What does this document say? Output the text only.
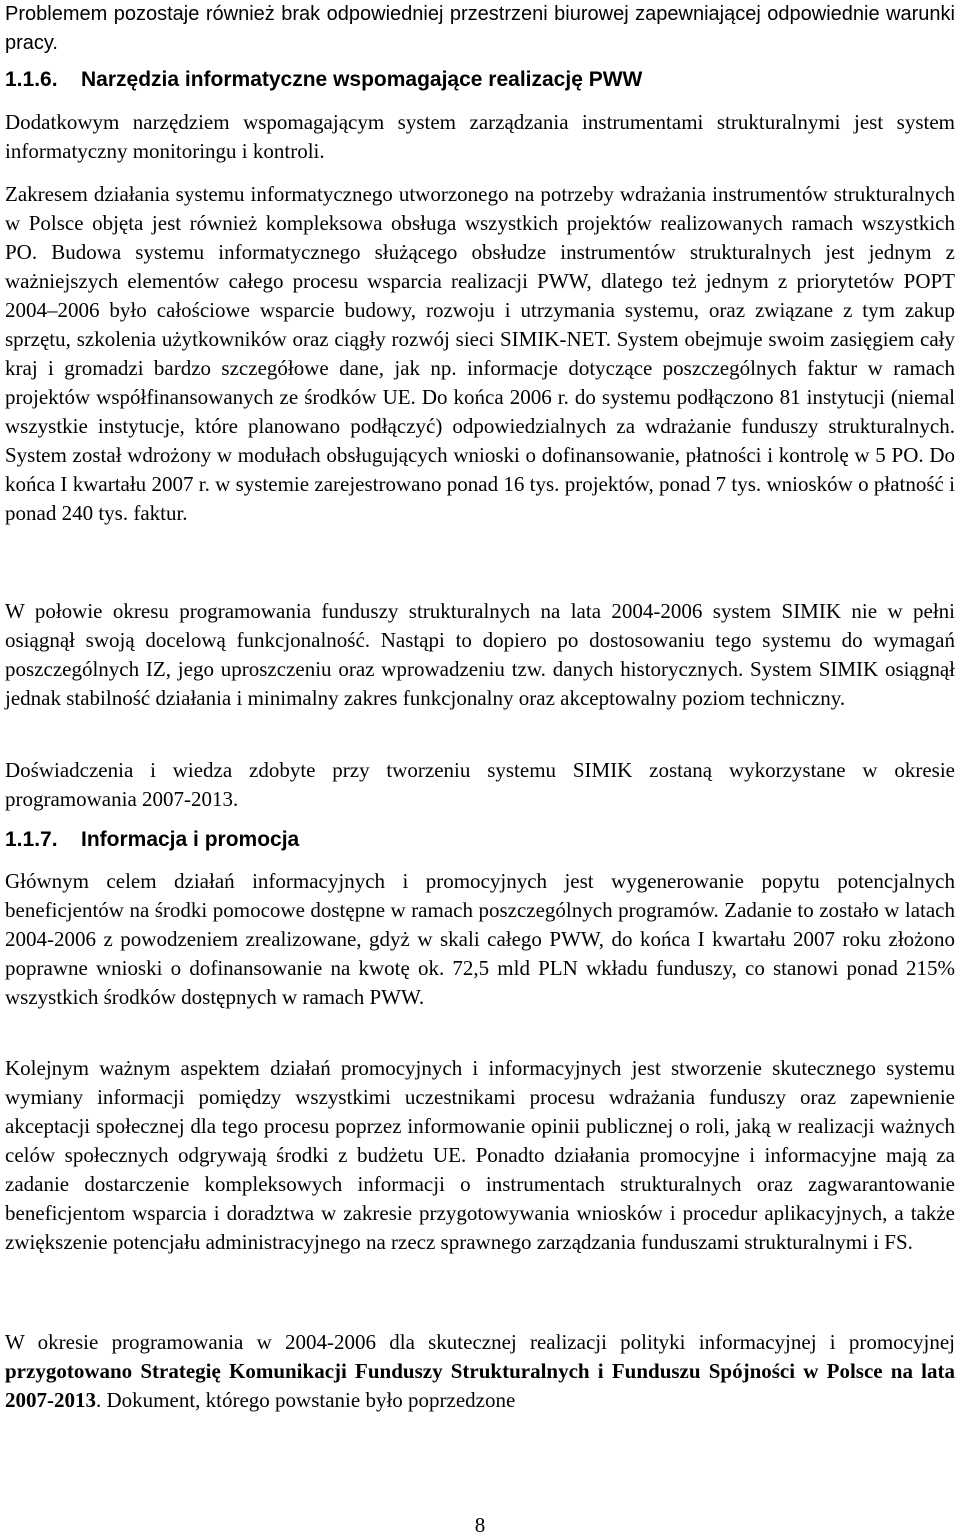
Problemem pozostaje również brak odpowiedniej przestrzeni biurowej zapewniającej odpowiednie warunki pracy.

1.1.6. Narzędzia informatyczne wspomagające realizację PWW

Dodatkowym narzędziem wspomagającym system zarządzania instrumentami strukturalnymi jest system informatyczny monitoringu i kontroli.

Zakresem działania systemu informatycznego utworzonego na potrzeby wdrażania instrumentów strukturalnych w Polsce objęta jest również kompleksowa obsługa wszystkich projektów realizowanych ramach wszystkich PO. Budowa systemu informatycznego służącego obsłudze instrumentów strukturalnych jest jednym z ważniejszych elementów całego procesu wsparcia realizacji PWW, dlatego też jednym z priorytetów POPT 2004–2006 było całościowe wsparcie budowy, rozwoju i utrzymania systemu, oraz związane z tym zakup sprzętu, szkolenia użytkowników oraz ciągły rozwój sieci SIMIK-NET. System obejmuje swoim zasięgiem cały kraj i gromadzi bardzo szczegółowe dane, jak np. informacje dotyczące poszczególnych faktur w ramach projektów współfinansowanych ze środków UE. Do końca 2006 r. do systemu podłączono 81 instytucji (niemal wszystkie instytucje, które planowano podłączyć) odpowiedzialnych za wdrażanie funduszy strukturalnych. System został wdrożony w modułach obsługujących wnioski o dofinansowanie, płatności i kontrolę w 5 PO. Do końca I kwartału 2007 r. w systemie zarejestrowano ponad 16 tys. projektów, ponad 7 tys. wniosków o płatność i ponad 240 tys. faktur.

W połowie okresu programowania funduszy strukturalnych na lata 2004-2006 system SIMIK nie w pełni osiągnął swoją docelową funkcjonalność. Nastąpi to dopiero po dostosowaniu tego systemu do wymagań poszczególnych IZ, jego uproszczeniu oraz wprowadzeniu tzw. danych historycznych. System SIMIK osiągnął jednak stabilność działania i minimalny zakres funkcjonalny oraz akceptowalny poziom techniczny.

Doświadczenia i wiedza zdobyte przy tworzeniu systemu SIMIK zostaną wykorzystane w okresie programowania 2007-2013.

1.1.7. Informacja i promocja

Głównym celem działań informacyjnych i promocyjnych jest wygenerowanie popytu potencjalnych beneficjentów na środki pomocowe dostępne w ramach poszczególnych programów. Zadanie to zostało w latach 2004-2006 z powodzeniem zrealizowane, gdyż w skali całego PWW, do końca I kwartału 2007 roku złożono poprawne wnioski o dofinansowanie na kwotę ok. 72,5 mld PLN wkładu funduszy, co stanowi ponad 215% wszystkich środków dostępnych w ramach PWW.

Kolejnym ważnym aspektem działań promocyjnych i informacyjnych jest stworzenie skutecznego systemu wymiany informacji pomiędzy wszystkimi uczestnikami procesu wdrażania funduszy oraz zapewnienie akceptacji społecznej dla tego procesu poprzez informowanie opinii publicznej o roli, jaką w realizacji ważnych celów społecznych odgrywają środki z budżetu UE. Ponadto działania promocyjne i informacyjne mają za zadanie dostarczenie kompleksowych informacji o instrumentach strukturalnych oraz zagwarantowanie beneficjentom wsparcia i doradztwa w zakresie przygotowywania wniosków i procedur aplikacyjnych, a także zwiększenie potencjału administracyjnego na rzecz sprawnego zarządzania funduszami strukturalnymi i FS.

W okresie programowania w 2004-2006 dla skutecznej realizacji polityki informacyjnej i promocyjnej przygotowano Strategię Komunikacji Funduszy Strukturalnych i Funduszu Spójności w Polsce na lata 2007-2013. Dokument, którego powstanie było poprzedzone

8
